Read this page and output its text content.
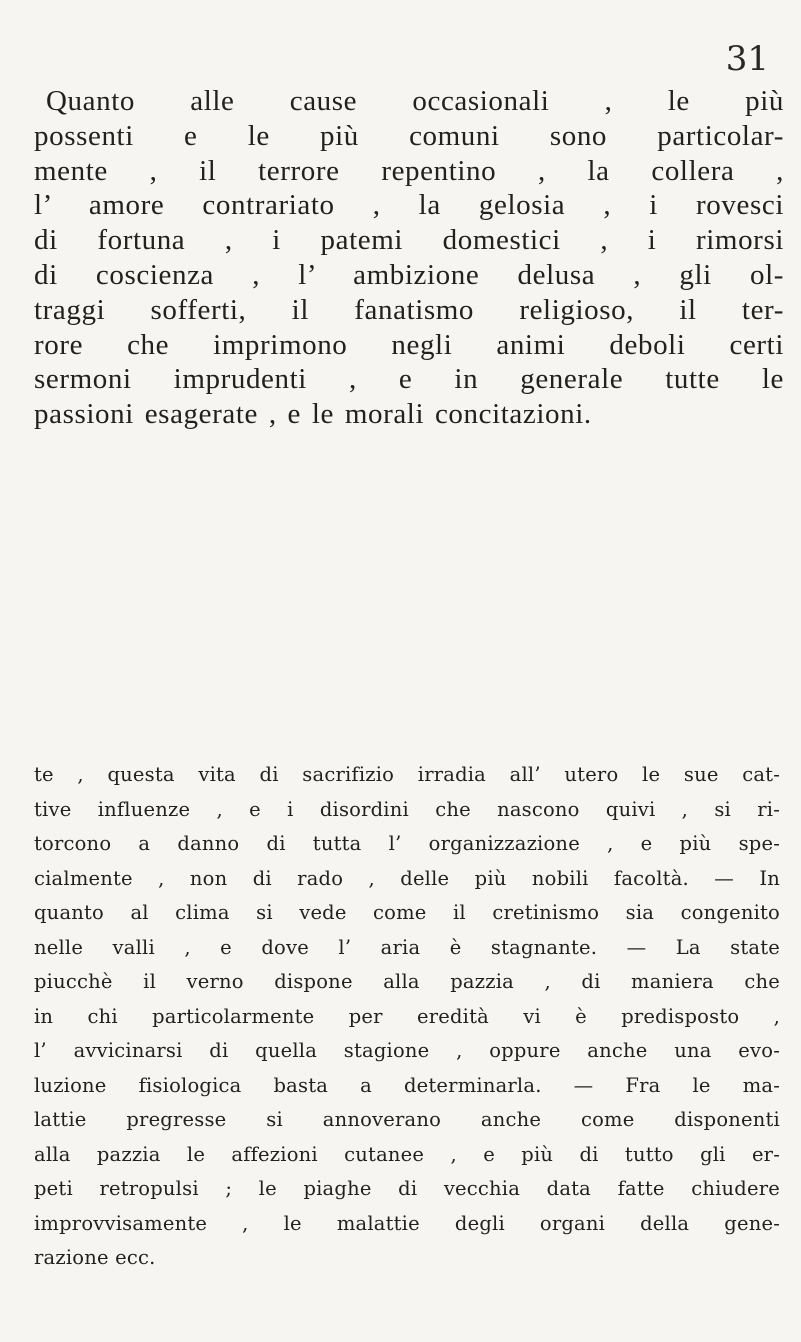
31
Quanto alle cause occasionali , le più
possenti e le più comuni sono particolar-
mente , il terrore repentino , la collera ,
l’ amore contrariato , la gelosia , i rovesci
di fortuna , i patemi domestici , i rimorsi
di coscienza , l’ ambizione delusa , gli ol-
traggi sofferti, il fanatismo religioso, il ter-
rore che imprimono negli animi deboli certi
sermoni imprudenti , e in generale tutte le
passioni esagerate , e le morali concitazioni.
te , questa vita di sacrifizio irradia all’ utero le sue cat-
tive influenze , e i disordini che nascono quivi , si ri-
torcono a danno di tutta l’ organizzazione , e più spe-
cialmente , non di rado , delle più nobili facoltà. — In
quanto al clima si vede come il cretinismo sia congenito
nelle valli , e dove l’ aria è stagnante. — La state
piucchè il verno dispone alla pazzia , di maniera che
in chi particolarmente per eredità vi è predisposto ,
l’ avvicinarsi di quella stagione , oppure anche una evo-
luzione fisiologica basta a determinarla. — Fra le ma-
lattie pregresse si annoverano anche come disponenti
alla pazzia le affezioni cutanee , e più di tutto gli er-
peti retropulsi ; le piaghe di vecchia data fatte chiudere
improvvisamente , le malattie degli organi della gene-
razione ecc.
